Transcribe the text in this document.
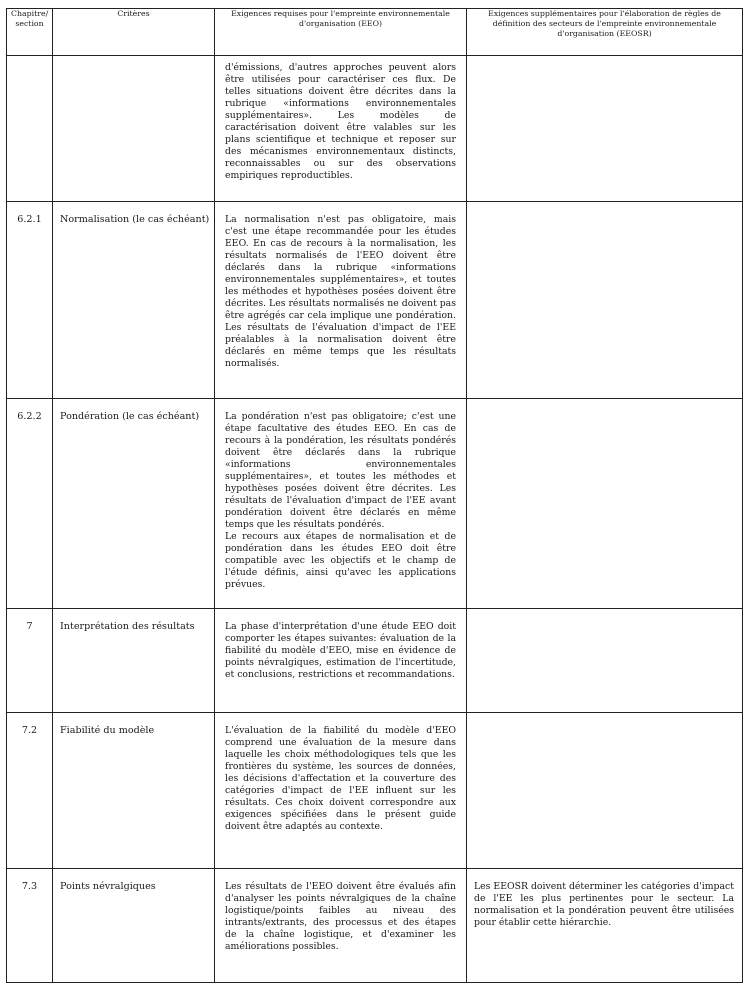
Chapitre/ section	Critères	Exigences requises pour l'empreinte environnementale d'organisation (EEO)	Exigences supplémentaires pour l'élaboration de règles de définition des secteurs de l'empreinte environnementale d'organisation (EEOSR)

		d'émissions, d'autres approches peuvent alors être utilisées pour caractériser ces flux. De telles situations doivent être décrites dans la rubrique «informations environnementales supplémentaires». Les modèles de caractérisation doivent être valables sur les plans scientifique et technique et reposer sur des mécanismes environnementaux distincts, reconnaissables ou sur des observations empiriques reproductibles.	

6.2.1	Normalisation (le cas échéant)	La normalisation n'est pas obligatoire, mais c'est une étape recommandée pour les études EEO. En cas de recours à la normalisation, les résultats normalisés de l'EEO doivent être déclarés dans la rubrique «informations environnementales supplémentaires», et toutes les méthodes et hypothèses posées doivent être décrites. Les résultats normalisés ne doivent pas être agrégés car cela implique une pondération. Les résultats de l'évaluation d'impact de l'EE préalables à la normalisation doivent être déclarés en même temps que les résultats normalisés.	

6.2.2	Pondération (le cas échéant)	La pondération n'est pas obligatoire; c'est une étape facultative des études EEO. En cas de recours à la pondération, les résultats pondérés doivent être déclarés dans la rubrique «informations environnementales supplémentaires», et toutes les méthodes et hypothèses posées doivent être décrites. Les résultats de l'évaluation d'impact de l'EE avant pondération doivent être déclarés en même temps que les résultats pondérés.
Le recours aux étapes de normalisation et de pondération dans les études EEO doit être compatible avec les objectifs et le champ de l'étude définis, ainsi qu'avec les applications prévues.	

7	Interprétation des résultats	La phase d'interprétation d'une étude EEO doit comporter les étapes suivantes: évaluation de la fiabilité du modèle d'EEO, mise en évidence de points névralgiques, estimation de l'incertitude, et conclusions, restrictions et recommandations.	

7.2	Fiabilité du modèle	L'évaluation de la fiabilité du modèle d'EEO comprend une évaluation de la mesure dans laquelle les choix méthodologiques tels que les frontières du système, les sources de données, les décisions d'affectation et la couverture des catégories d'impact de l'EE influent sur les résultats. Ces choix doivent correspondre aux exigences spécifiées dans le présent guide doivent être adaptés au contexte.	

7.3	Points névralgiques	Les résultats de l'EEO doivent être évalués afin d'analyser les points névralgiques de la chaîne logistique/points faibles au niveau des intrants/extrants, des processus et des étapes de la chaîne logistique, et d'examiner les améliorations possibles.	Les EEOSR doivent déterminer les catégories d'impact de l'EE les plus pertinentes pour le secteur. La normalisation et la pondération peuvent être utilisées pour établir cette hiérarchie.
